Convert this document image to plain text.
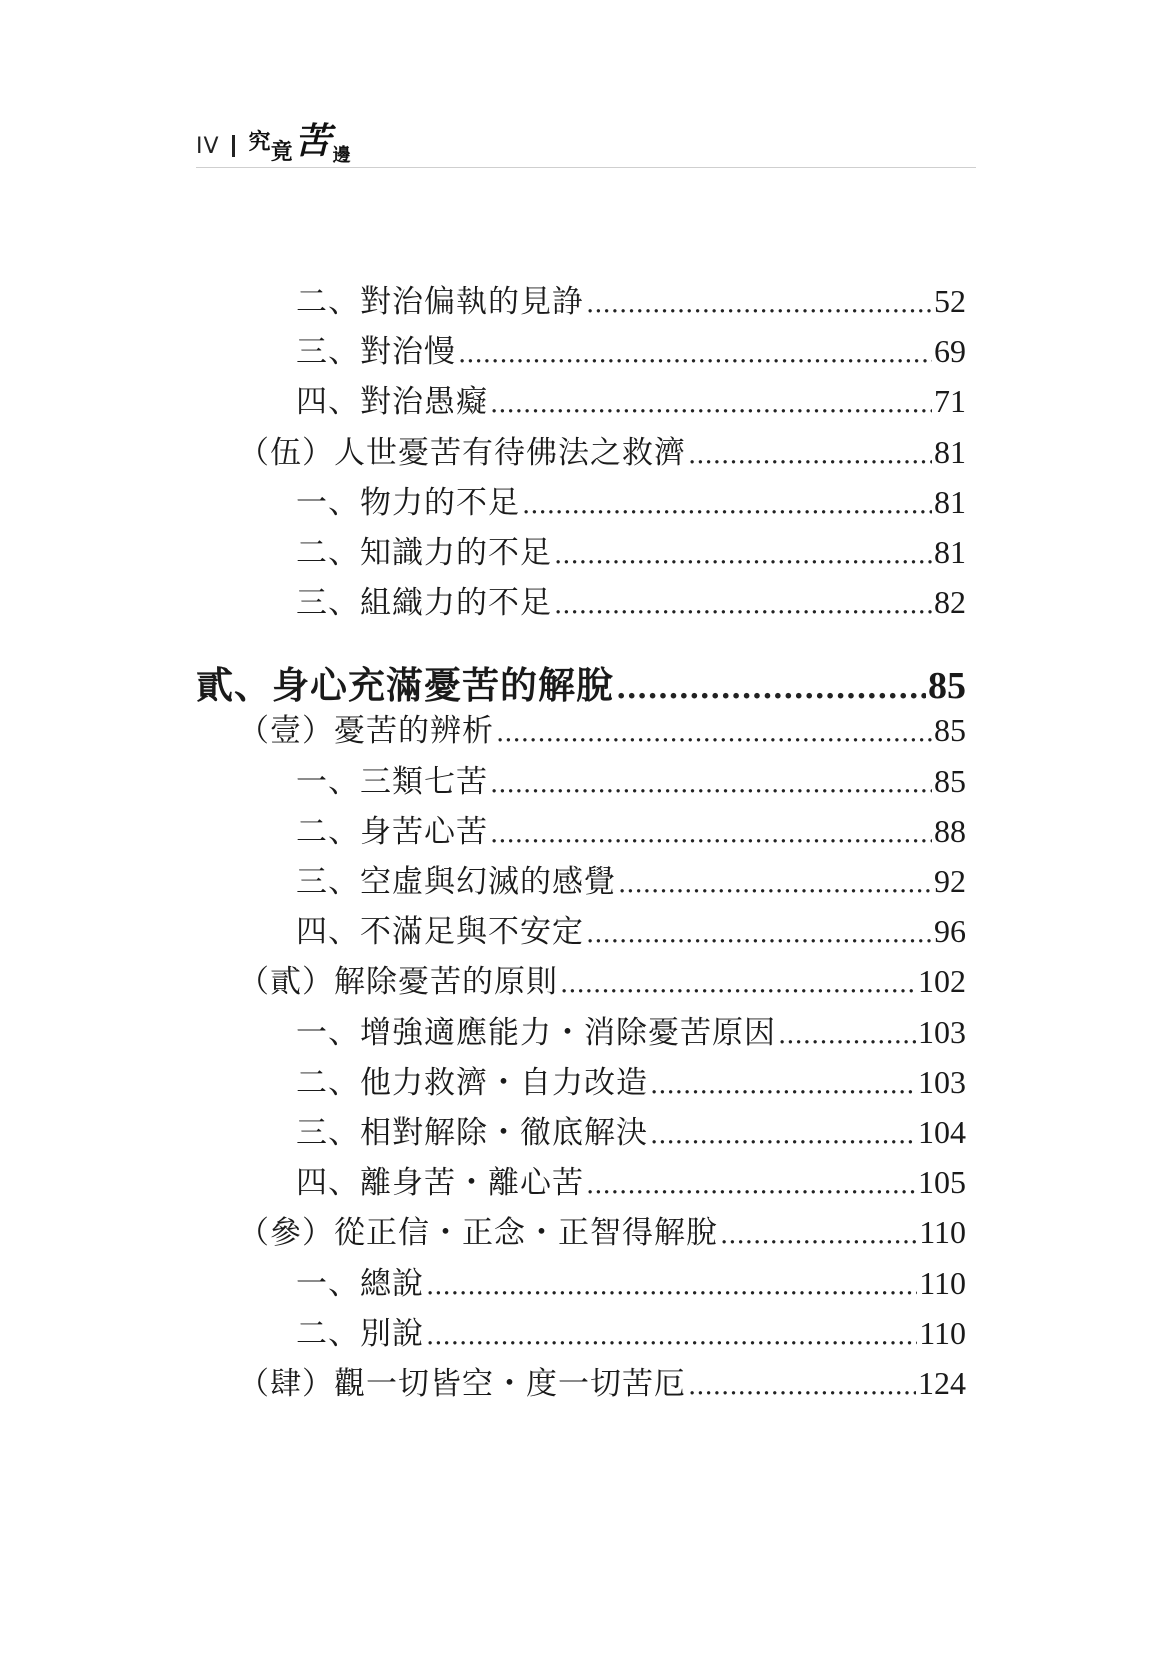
IV 究 竟 苦 邊
二、對治偏執的見諍 .....	52
三、對治慢 .....	69
四、對治愚癡 .....	71
（伍）人世憂苦有待佛法之救濟 .....	81
一、物力的不足 .....	81
二、知識力的不足 .....	81
三、組織力的不足 .....	82
貳、身心充滿憂苦的解脫 .....	85
（壹）憂苦的辨析 .....	85
一、三類七苦 .....	85
二、身苦心苦 .....	88
三、空虛與幻滅的感覺 .....	92
四、不滿足與不安定 .....	96
（貳）解除憂苦的原則 .....	102
一、增強適應能力・消除憂苦原因 .....	103
二、他力救濟・自力改造 .....	103
三、相對解除・徹底解決 .....	104
四、離身苦・離心苦 .....	105
（參）從正信・正念・正智得解脫 .....	110
一、總說 .....	110
二、別說 .....	110
（肆）觀一切皆空・度一切苦厄 .....	124
